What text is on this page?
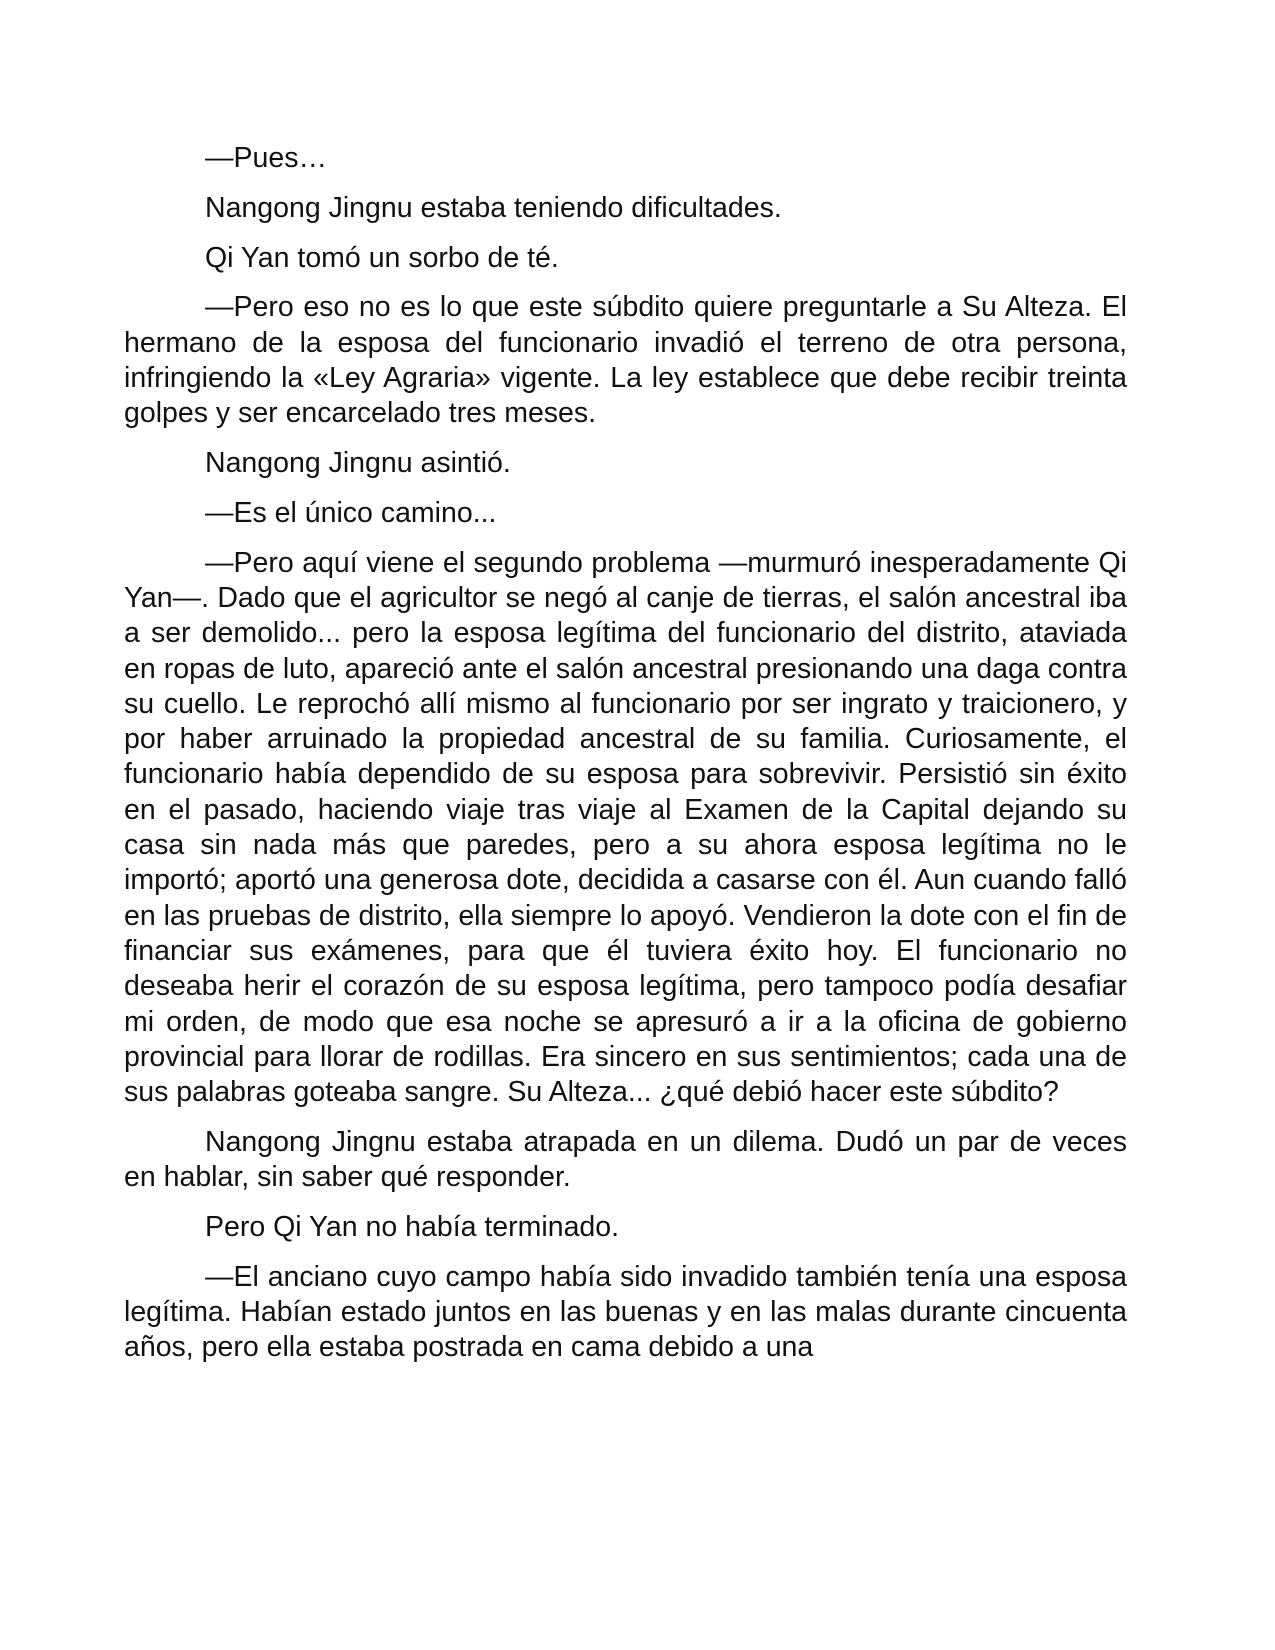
—Pues…

Nangong Jingnu estaba teniendo dificultades.

Qi Yan tomó un sorbo de té.

—Pero eso no es lo que este súbdito quiere preguntarle a Su Alteza. El hermano de la esposa del funcionario invadió el terreno de otra persona, infringiendo la «Ley Agraria» vigente. La ley establece que debe recibir treinta golpes y ser encarcelado tres meses.

Nangong Jingnu asintió.

—Es el único camino...

—Pero aquí viene el segundo problema —murmuró inesperadamente Qi Yan—. Dado que el agricultor se negó al canje de tierras, el salón ancestral iba a ser demolido... pero la esposa legítima del funcionario del distrito, ataviada en ropas de luto, apareció ante el salón ancestral presionando una daga contra su cuello. Le reprochó allí mismo al funcionario por ser ingrato y traicionero, y por haber arruinado la propiedad ancestral de su familia. Curiosamente, el funcionario había dependido de su esposa para sobrevivir. Persistió sin éxito en el pasado, haciendo viaje tras viaje al Examen de la Capital dejando su casa sin nada más que paredes, pero a su ahora esposa legítima no le importó; aportó una generosa dote, decidida a casarse con él. Aun cuando falló en las pruebas de distrito, ella siempre lo apoyó. Vendieron la dote con el fin de financiar sus exámenes, para que él tuviera éxito hoy. El funcionario no deseaba herir el corazón de su esposa legítima, pero tampoco podía desafiar mi orden, de modo que esa noche se apresuró a ir a la oficina de gobierno provincial para llorar de rodillas. Era sincero en sus sentimientos; cada una de sus palabras goteaba sangre. Su Alteza... ¿qué debió hacer este súbdito?

Nangong Jingnu estaba atrapada en un dilema. Dudó un par de veces en hablar, sin saber qué responder.

Pero Qi Yan no había terminado.

—El anciano cuyo campo había sido invadido también tenía una esposa legítima. Habían estado juntos en las buenas y en las malas durante cincuenta años, pero ella estaba postrada en cama debido a una
